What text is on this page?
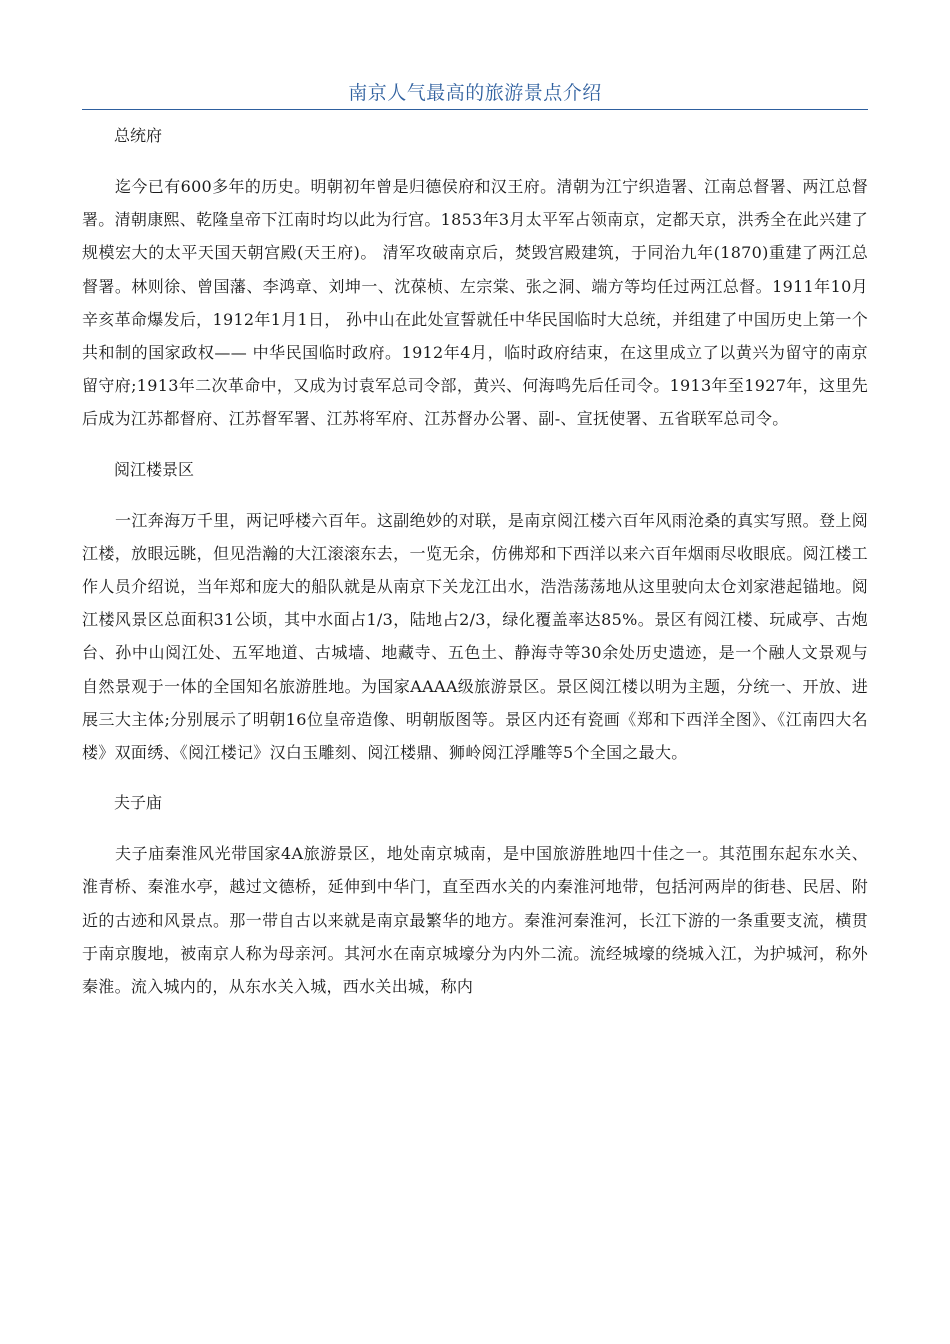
南京人气最高的旅游景点介绍
总统府
迄今已有600多年的历史。明朝初年曾是归德侯府和汉王府。清朝为江宁织造署、江南总督署、两江总督署。清朝康熙、乾隆皇帝下江南时均以此为行宫。1853年3月太平军占领南京，定都天京，洪秀全在此兴建了规模宏大的太平天国天朝宫殿(天王府)。 清军攻破南京后，焚毁宫殿建筑，于同治九年(1870)重建了两江总督署。林则徐、曾国藩、李鸿章、刘坤一、沈葆桢、左宗棠、张之洞、端方等均任过两江总督。1911年10月辛亥革命爆发后，1912年1月1日， 孙中山在此处宣誓就任中华民国临时大总统，并组建了中国历史上第一个共和制的国家政权—— 中华民国临时政府。1912年4月，临时政府结束，在这里成立了以黄兴为留守的南京留守府;1913年二次革命中，又成为讨袁军总司令部，黄兴、何海鸣先后任司令。1913年至1927年，这里先后成为江苏都督府、江苏督军署、江苏将军府、江苏督办公署、副-、宣抚使署、五省联军总司令。
阅江楼景区
一江奔海万千里，两记呼楼六百年。这副绝妙的对联，是南京阅江楼六百年风雨沧桑的真实写照。登上阅江楼，放眼远眺，但见浩瀚的大江滚滚东去，一览无余，仿佛郑和下西洋以来六百年烟雨尽收眼底。阅江楼工作人员介绍说，当年郑和庞大的船队就是从南京下关龙江出水，浩浩荡荡地从这里驶向太仓刘家港起锚地。阅江楼风景区总面积31公顷，其中水面占1/3，陆地占2/3，绿化覆盖率达85%。景区有阅江楼、玩咸亭、古炮台、孙中山阅江处、五军地道、古城墙、地藏寺、五色土、静海寺等30余处历史遗迹，是一个融人文景观与自然景观于一体的全国知名旅游胜地。为国家AAAA级旅游景区。景区阅江楼以明为主题，分统一、开放、进展三大主体;分别展示了明朝16位皇帝造像、明朝版图等。景区内还有瓷画《郑和下西洋全图》、《江南四大名楼》双面绣、《阅江楼记》汉白玉雕刻、阅江楼鼎、狮岭阅江浮雕等5个全国之最大。
夫子庙
夫子庙秦淮风光带国家4A旅游景区，地处南京城南，是中国旅游胜地四十佳之一。其范围东起东水关、淮青桥、秦淮水亭，越过文德桥，延伸到中华门，直至西水关的内秦淮河地带，包括河两岸的街巷、民居、附近的古迹和风景点。那一带自古以来就是南京最繁华的地方。秦淮河秦淮河，长江下游的一条重要支流，横贯于南京腹地，被南京人称为母亲河。其河水在南京城壕分为内外二流。流经城壕的绕城入江，为护城河，称外秦淮。流入城内的，从东水关入城，西水关出城，称内
